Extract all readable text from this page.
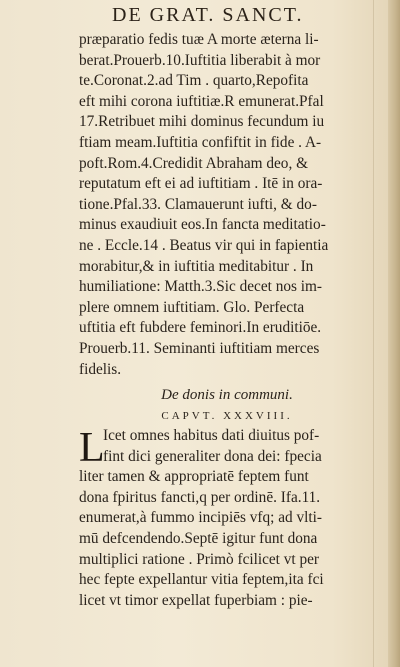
DE GRAT. SANCT.
præparatio fedis tuæ A morte æterna li-
berat.Prouerb.10.Iuftitia liberabit à mor
te.Coronat.2.ad Tim . quarto,Repofita
eft mihi corona iuftitiæ.R emunerat.Pfal
17.Retribuet mihi dominus fecundum iu
ftiam meam.Iuftitia confiftit in fide . A-
poft.Rom.4.Credidit Abraham deo, &
reputatum eft ei ad iuftitiam . Itē in ora-
tione.Pfal.33. Clamauerunt iufti, & do-
minus exaudiuit eos.In fancta meditatio-
ne . Eccle.14 . Beatus vir qui in fapientia
morabitur,& in iuftitia meditabitur . In
humiliatione: Matth.3.Sic decet nos im-
plere omnem iuftitiam. Glo. Perfecta
uftitia eft fubdere feminori.In eruditiōe.
Prouerb.11. Seminanti iuftitiam merces
fidelis.
De donis in communi.
CAPVT. XXXVIII.
L
Icet omnes habitus dati diuitus pof-
fint dici generaliter dona dei: fpecia
liter tamen & appropriatē feptem funt
dona fpiritus fancti,q per ordinē. Ifa.11.
enumerat,à fummo incipiēs vfq; ad vlti-
mū defcendendo.Septē igitur funt dona
multiplici ratione . Primò fcilicet vt per
hec fepte expellantur vitia feptem,ita fci
licet vt timor expellat fuperbiam : pie-
